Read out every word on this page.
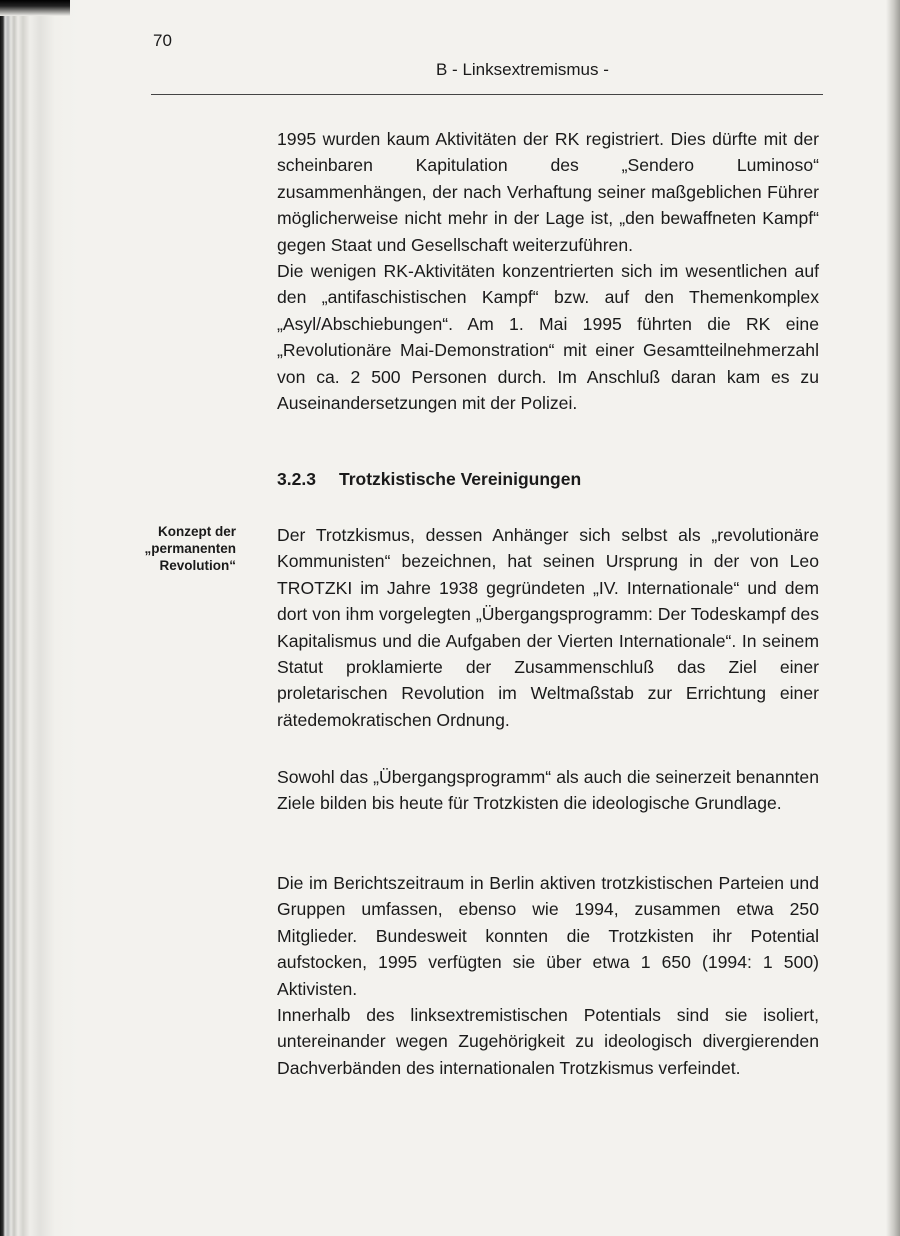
70
B - Linksextremismus -

1995 wurden kaum Aktivitäten der RK registriert. Dies dürfte mit der scheinbaren Kapitulation des „Sendero Luminoso“ zusammenhängen, der nach Verhaftung seiner maßgeblichen Führer möglicherweise nicht mehr in der Lage ist, „den bewaffneten Kampf“ gegen Staat und Gesellschaft weiterzuführen.

Die wenigen RK-Aktivitäten konzentrierten sich im wesentlichen auf den „antifaschistischen Kampf“ bzw. auf den Themenkomplex „Asyl/Abschiebungen“. Am 1. Mai 1995 führten die RK eine „Revolutionäre Mai-Demonstration“ mit einer Gesamtteilnehmerzahl von ca. 2 500 Personen durch. Im Anschluß daran kam es zu Auseinandersetzungen mit der Polizei.

3.2.3 Trotzkistische Vereinigungen
Konzept der
„permanenten
Revolution“

Der Trotzkismus, dessen Anhänger sich selbst als „revolutionäre Kommunisten“ bezeichnen, hat seinen Ursprung in der von Leo TROTZKI im Jahre 1938 gegründeten „IV. Internationale“ und dem dort von ihm vorgelegten „Übergangsprogramm: Der Todeskampf des Kapitalismus und die Aufgaben der Vierten Internationale“. In seinem Statut proklamierte der Zusammenschluß das Ziel einer proletarischen Revolution im Weltmaßstab zur Errichtung einer rätedemokratischen Ordnung.

Sowohl das „Übergangsprogramm“ als auch die seinerzeit benannten Ziele bilden bis heute für Trotzkisten die ideologische Grundlage.

Die im Berichtszeitraum in Berlin aktiven trotzkistischen Parteien und Gruppen umfassen, ebenso wie 1994, zusammen etwa 250 Mitglieder. Bundesweit konnten die Trotzkisten ihr Potential aufstocken, 1995 verfügten sie über etwa 1 650 (1994: 1 500) Aktivisten.

Innerhalb des linksextremistischen Potentials sind sie isoliert, untereinander wegen Zugehörigkeit zu ideologisch divergierenden Dachverbänden des internationalen Trotzkismus verfeindet.
